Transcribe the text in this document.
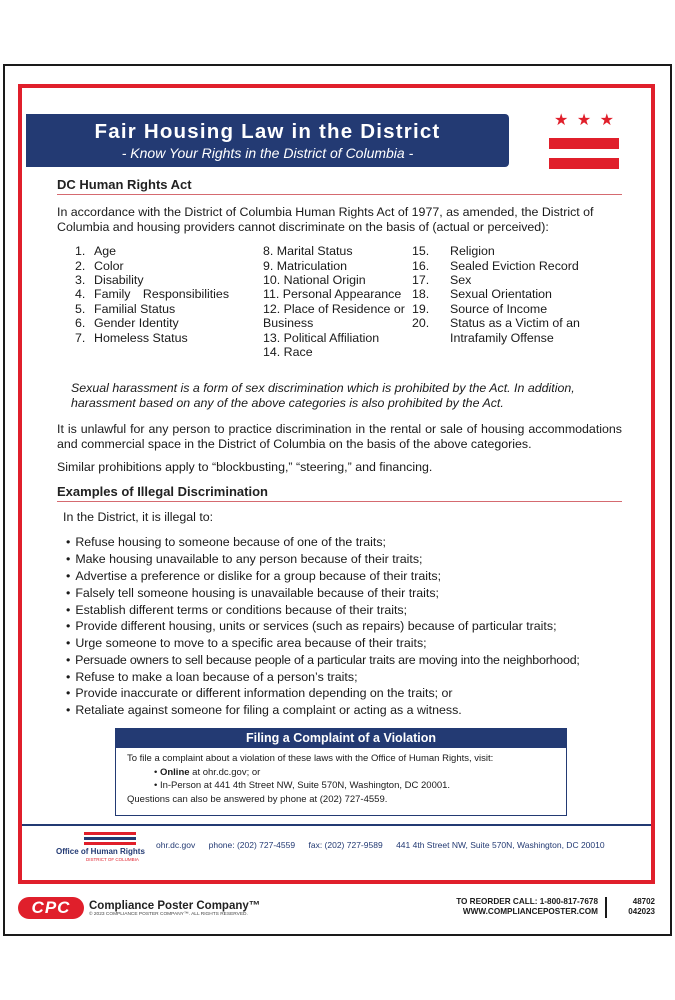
Fair Housing Law in the District
- Know Your Rights in the District of Columbia -
★ ★ ★
DC Human Rights Act
In accordance with the District of Columbia Human Rights Act of 1977, as amended, the District of Columbia and housing providers cannot discriminate on the basis of (actual or perceived):
1. Age
2. Color
3. Disability
4. Family Responsibilities
5. Familial Status
6. Gender Identity
7. Homeless Status
8. Marital Status
9. Matriculation
10. National Origin
11. Personal Appearance
12. Place of Residence or Business
13. Political Affiliation
14. Race
15. Religion
16. Sealed Eviction Record
17. Sex
18. Sexual Orientation
19. Source of Income
20. Status as a Victim of an Intrafamily Offense
Sexual harassment is a form of sex discrimination which is prohibited by the Act. In addition, harassment based on any of the above categories is also prohibited by the Act.
It is unlawful for any person to practice discrimination in the rental or sale of housing accommodations and commercial space in the District of Columbia on the basis of the above categories.
Similar prohibitions apply to “blockbusting,” “steering,” and financing.
Examples of Illegal Discrimination
In the District, it is illegal to:
• Refuse housing to someone because of one of the traits;
• Make housing unavailable to any person because of their traits;
• Advertise a preference or dislike for a group because of their traits;
• Falsely tell someone housing is unavailable because of their traits;
• Establish different terms or conditions because of their traits;
• Provide different housing, units or services (such as repairs) because of particular traits;
• Urge someone to move to a specific area because of their traits;
• Persuade owners to sell because people of a particular traits are moving into the neighborhood;
• Refuse to make a loan because of a person’s traits;
• Provide inaccurate or different information depending on the traits; or
• Retaliate against someone for filing a complaint or acting as a witness.
Filing a Complaint of a Violation
To file a complaint about a violation of these laws with the Office of Human Rights, visit:
• Online at ohr.dc.gov; or
• In-Person at 441 4th Street NW, Suite 570N, Washington, DC 20001.
Questions can also be answered by phone at (202) 727-4559.
Office of Human Rights
DISTRICT OF COLUMBIA
ohr.dc.gov phone: (202) 727-4559 fax: (202) 727-9589 441 4th Street NW, Suite 570N, Washington, DC 20010
CPC	Compliance Poster Company™
© 2023 COMPLIANCE POSTER COMPANY™. ALL RIGHTS RESERVED.
TO REORDER CALL: 1-800-817-7678
WWW.COMPLIANCEPOSTER.COM
48702
042023
